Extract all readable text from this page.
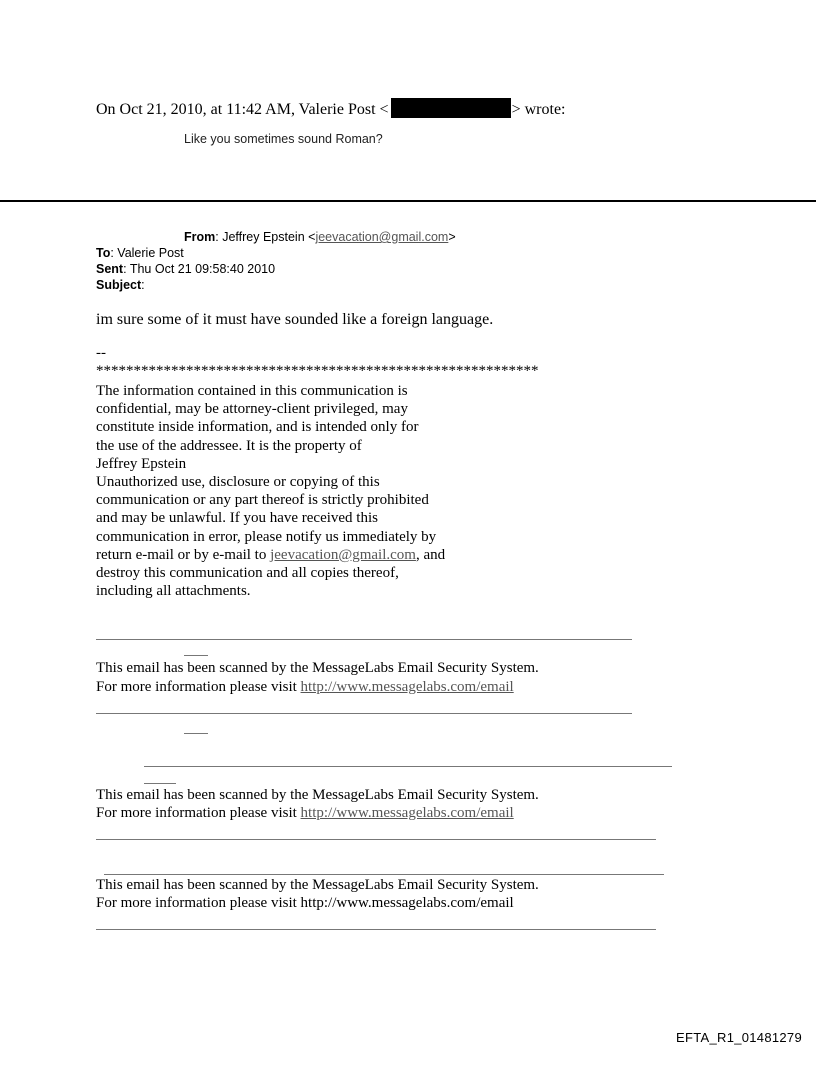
On Oct 21, 2010, at 11:42 AM, Valerie Post <	> wrote:
Like you sometimes sound Roman?
From: Jeffrey Epstein <jeevacation@gmail.com>
To: Valerie Post
Sent: Thu Oct 21 09:58:40 2010
Subject:
im sure some of it must have sounded like a foreign language.
--
***********************************************************
The information contained in this communication is
confidential, may be attorney-client privileged, may
constitute inside information, and is intended only for
the use of the addressee. It is the property of
Jeffrey Epstein
Unauthorized use, disclosure or copying of this
communication or any part thereof is strictly prohibited
and may be unlawful. If you have received this
communication in error, please notify us immediately by
return e-mail or by e-mail to jeevacation@gmail.com, and
destroy this communication and all copies thereof,
including all attachments.
This email has been scanned by the MessageLabs Email Security System.
For more information please visit http://www.messagelabs.com/email
This email has been scanned by the MessageLabs Email Security System.
For more information please visit http://www.messagelabs.com/email
This email has been scanned by the MessageLabs Email Security System.
For more information please visit http://www.messagelabs.com/email
EFTA_R1_01481279
